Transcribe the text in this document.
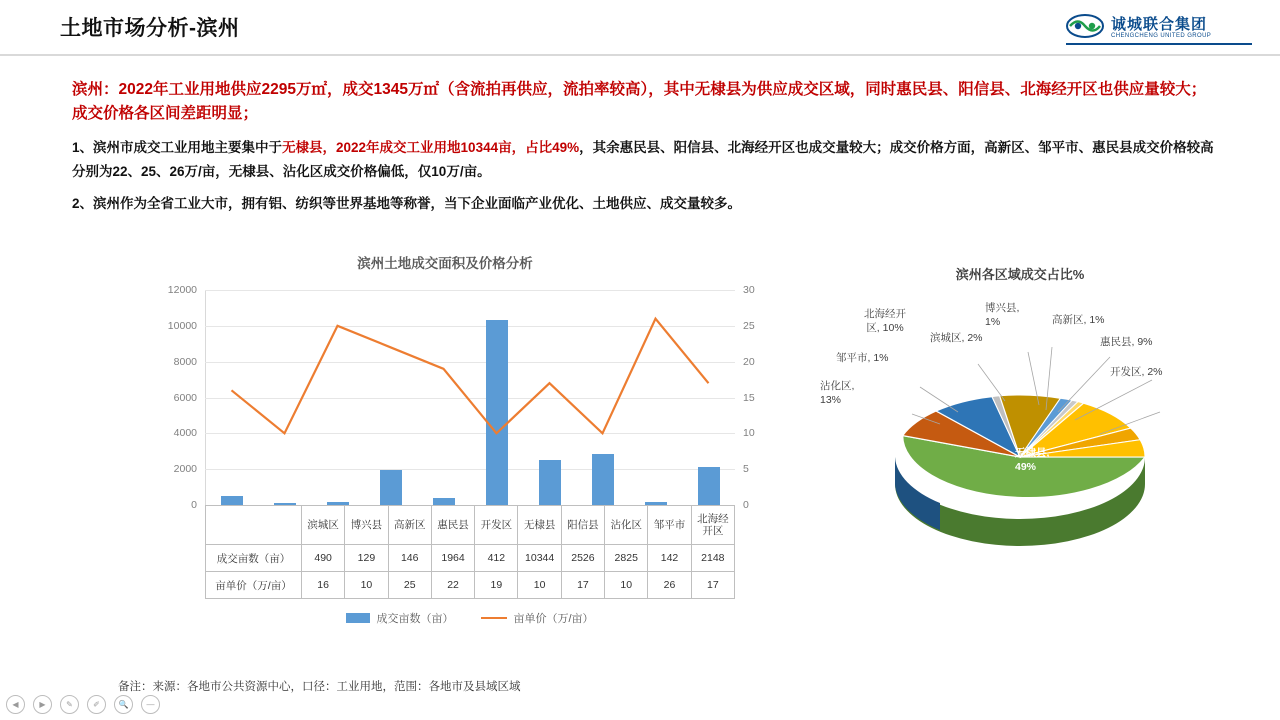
土地市场分析-滨州	诚城联合集团
CHENGCHENG UNITED GROUP
滨州：2022年工业用地供应2295万㎡，成交1345万㎡（含流拍再供应，流拍率较高），其中无棣县为供应成交区域，同时惠民县、阳信县、北海经开区也供应量较大；成交价格各区间差距明显；
1、滨州市成交工业用地主要集中于无棣县，2022年成交工业用地10344亩，占比49%，其余惠民县、阳信县、北海经开区也成交量较大；成交价格方面，高新区、邹平市、惠民县成交价格较高分别为22、25、26万/亩，无棣县、沾化区成交价格偏低，仅10万/亩。
2、滨州作为全省工业大市，拥有铝、纺织等世界基地等称誉，当下企业面临产业优化、土地供应、成交量较多。
滨州土地成交面积及价格分析
12000
10000
8000
6000
4000
2000
0
30
25
20
15
10
5
0
	滨城区	博兴县	高新区	惠民县	开发区	无棣县	阳信县	沾化区	邹平市	北海经开区
成交亩数（亩）	490	129	146	1964	412	10344	2526	2825	142	2148
亩单价（万/亩）	16	10	25	22	19	10	17	10	26	17
成交亩数（亩）	亩单价（万/亩）
滨州各区域成交占比%
北海经开
区, 10%
滨城区, 2%
博兴县,
1%	高新区, 1%
惠民县, 9%
开发区, 2%
邹平市, 1%
沾化区,
13%
阳信县,
12%
无棣县,
49%
备注：来源：各地市公共资源中心，口径：工业用地，范围：各地市及县域区域
◀	▶	✎	✐	🔍	—
